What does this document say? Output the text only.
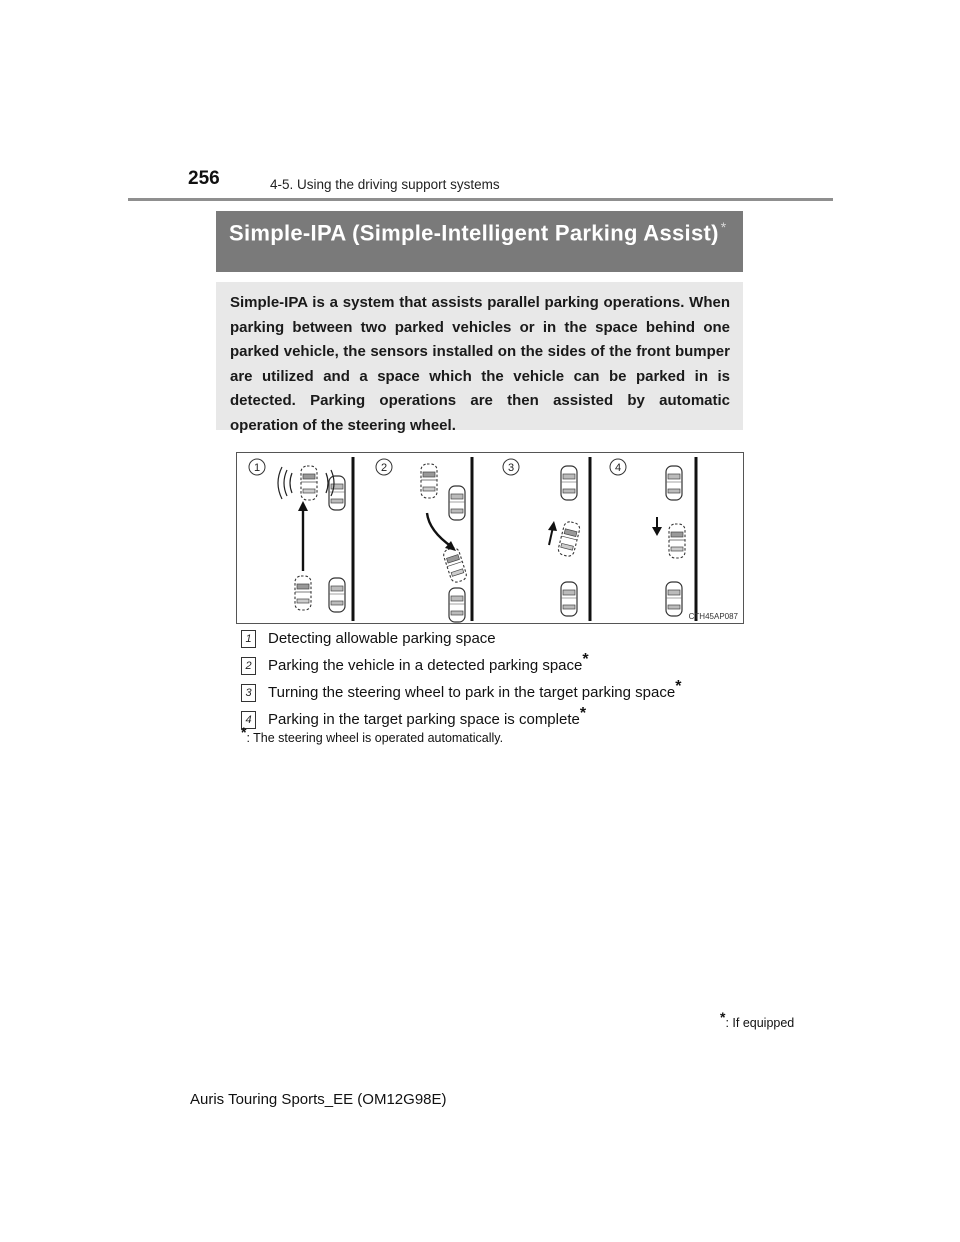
256	4-5. Using the driving support systems
Simple-IPA (Simple-Intelligent Parking Assist) *
Simple-IPA is a system that assists parallel parking operations. When parking between two parked vehicles or in the space behind one parked vehicle, the sensors installed on the sides of the front bumper are utilized and a space which the vehicle can be parked in is detected. Parking operations are then assisted by automatic operation of the steering wheel.
1	2	3	4
CTH45AP087
1 Detecting allowable parking space
2 Parking the vehicle in a detected parking space*
3 Turning the steering wheel to park in the target parking space*
4 Parking in the target parking space is complete*
*: The steering wheel is operated automatically.
*: If equipped
Auris Touring Sports_EE (OM12G98E)
